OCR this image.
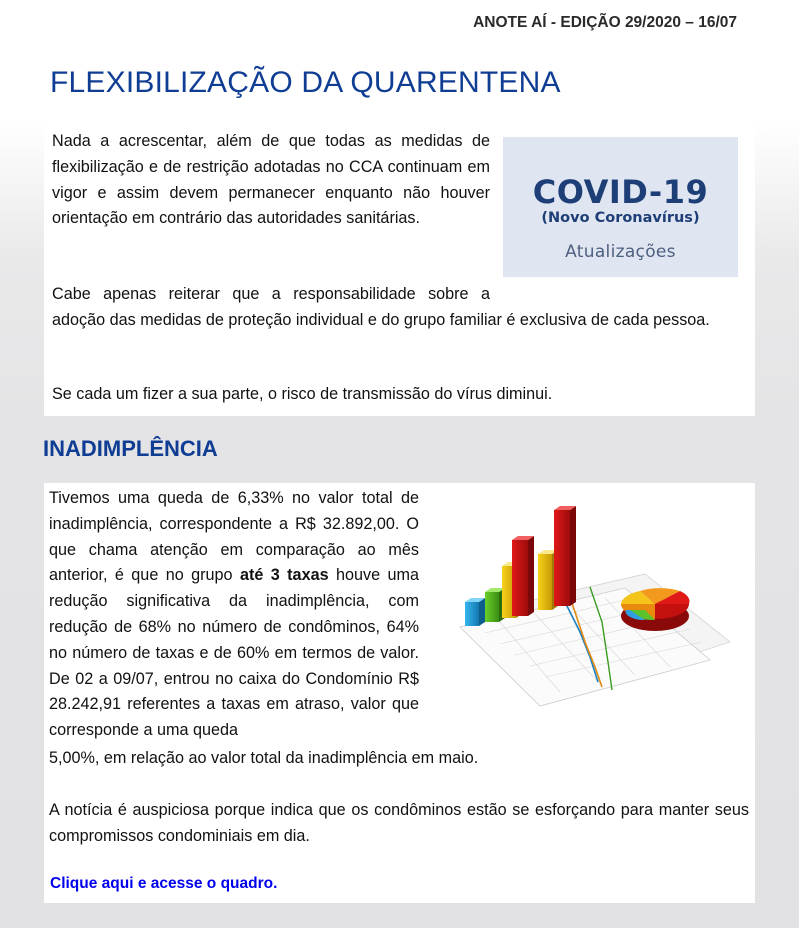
ANOTE AÍ - EDIÇÃO 29/2020 – 16/07
FLEXIBILIZAÇÃO DA QUARENTENA
Nada a acrescentar, além de que todas as medidas de flexibilização e de restrição adotadas no CCA continuam em vigor e assim devem permanecer enquanto não houver orientação em contrário das autoridades sanitárias.
COVID-19
(Novo Coronavírus)
Atualizações
Cabe apenas reiterar que a responsabilidade sobre a
adoção das medidas de proteção individual e do grupo familiar é exclusiva de cada pessoa.
Se cada um fizer a sua parte, o risco de transmissão do vírus diminui.
INADIMPLÊNCIA
Tivemos uma queda de 6,33% no valor total de inadimplência, correspondente a R$ 32.892,00. O que chama atenção em comparação ao mês anterior, é que no grupo até 3 taxas houve uma redução significativa da inadimplência, com redução de 68% no número de condôminos, 64% no número de taxas e de 60% em termos de valor. De 02 a 09/07, entrou no caixa do Condomínio R$ 28.242,91 referentes a taxas em atraso, valor que corresponde a uma queda
5,00%, em relação ao valor total da inadimplência em maio.
A notícia é auspiciosa porque indica que os condôminos estão se esforçando para manter seus compromissos condominiais em dia.
Clique aqui e acesse o quadro.
